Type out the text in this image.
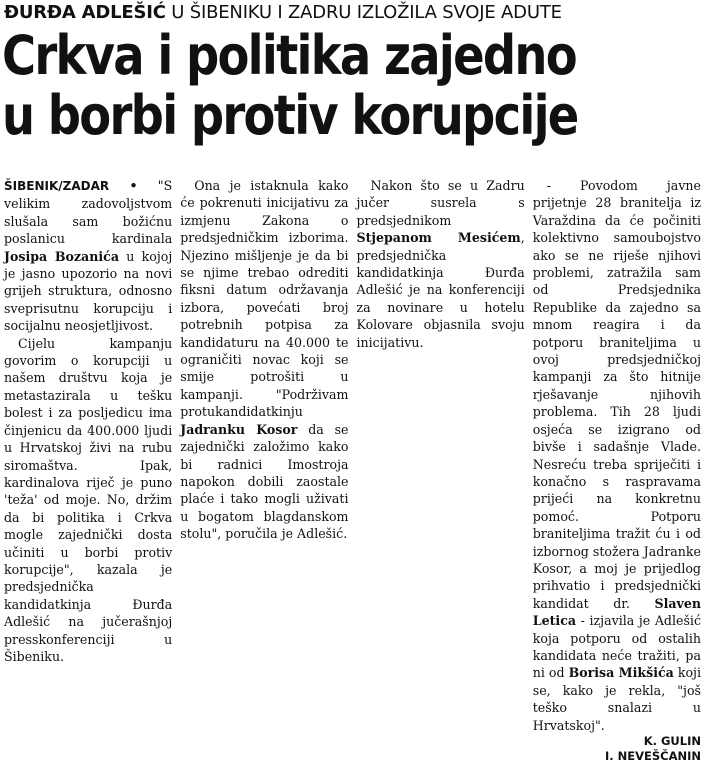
ĐURĐA ADLEŠIĆ U ŠIBENIKU I ZADRU IZLOŽILA SVOJE ADUTE
Crkva i politika zajedno
u borbi protiv korupcije

ŠIBENIK/ZADAR • "S velikim zadovoljstvom slušala sam božićnu poslanicu kardinala Josipa Bozanića u kojoj je jasno upozorio na novi grijeh struktura, odnosno sveprisutnu korupciju i socijalnu neosjetljivost.

Cijelu kampanju govorim o korupciji u našem društvu koja je metastazirala u tešku bolest i za posljedicu ima činjenicu da 400.000 ljudi u Hrvatskoj živi na rubu siromaštva. Ipak, kardinalova riječ je puno 'teža' od moje. No, držim da bi politika i Crkva mogle zajednički dosta učiniti u borbi protiv korupcije", kazala je predsjednička kandidatkinja Đurđa Adlešić na jučerašnjoj presskonferenciji u Šibeniku.

Ona je istaknula kako će pokrenuti inicijativu za izmjenu Zakona o predsjedničkim izborima. Njezino mišljenje je da bi se njime trebao odrediti fiksni datum održavanja izbora, povećati broj potrebnih potpisa za kandidaturu na 40.000 te ograničiti novac koji se smije potrošiti u kampanji. "Podrživam protukandidatkinju Jadranku Kosor da se zajednički založimo kako bi radnici Imostroja napokon dobili zaostale plaće i tako mogli uživati u bogatom blagdanskom stolu", poručila je Adlešić.

Nakon što se u Zadru jučer susrela s predsjednikom Stjepanom Mesićem, predsjednička kandidatkinja Đurđa Adlešić je na konferenciji za novinare u hotelu Kolovare objasnila svoju inicijativu.

- Povodom javne prijetnje 28 branitelja iz Varaždina da će počiniti kolektivno samoubojstvo ako se ne riješe njihovi problemi, zatražila sam od Predsjednika Republike da zajedno sa mnom reagira i da potporu braniteljima u ovoj predsjedničkoj kampanji za što hitnije rješavanje njihovih problema. Tih 28 ljudi osjeća se izigrano od bivše i sadašnje Vlade. Nesreću treba spriječiti i konačno s raspravama prijeći na konkretnu pomoć. Potporu braniteljima tražit ću i od izbornog stožera Jadranke Kosor, a moj je prijedlog prihvatio i predsjednički kandidat dr. Slaven Letica - izjavila je Adlešić koja potporu od ostalih kandidata neće tražiti, pa ni od Borisa Mikšića koji se, kako je rekla, "još teško snalazi u Hrvatskoj".

K. GULIN
I. NEVEŠČANIN
